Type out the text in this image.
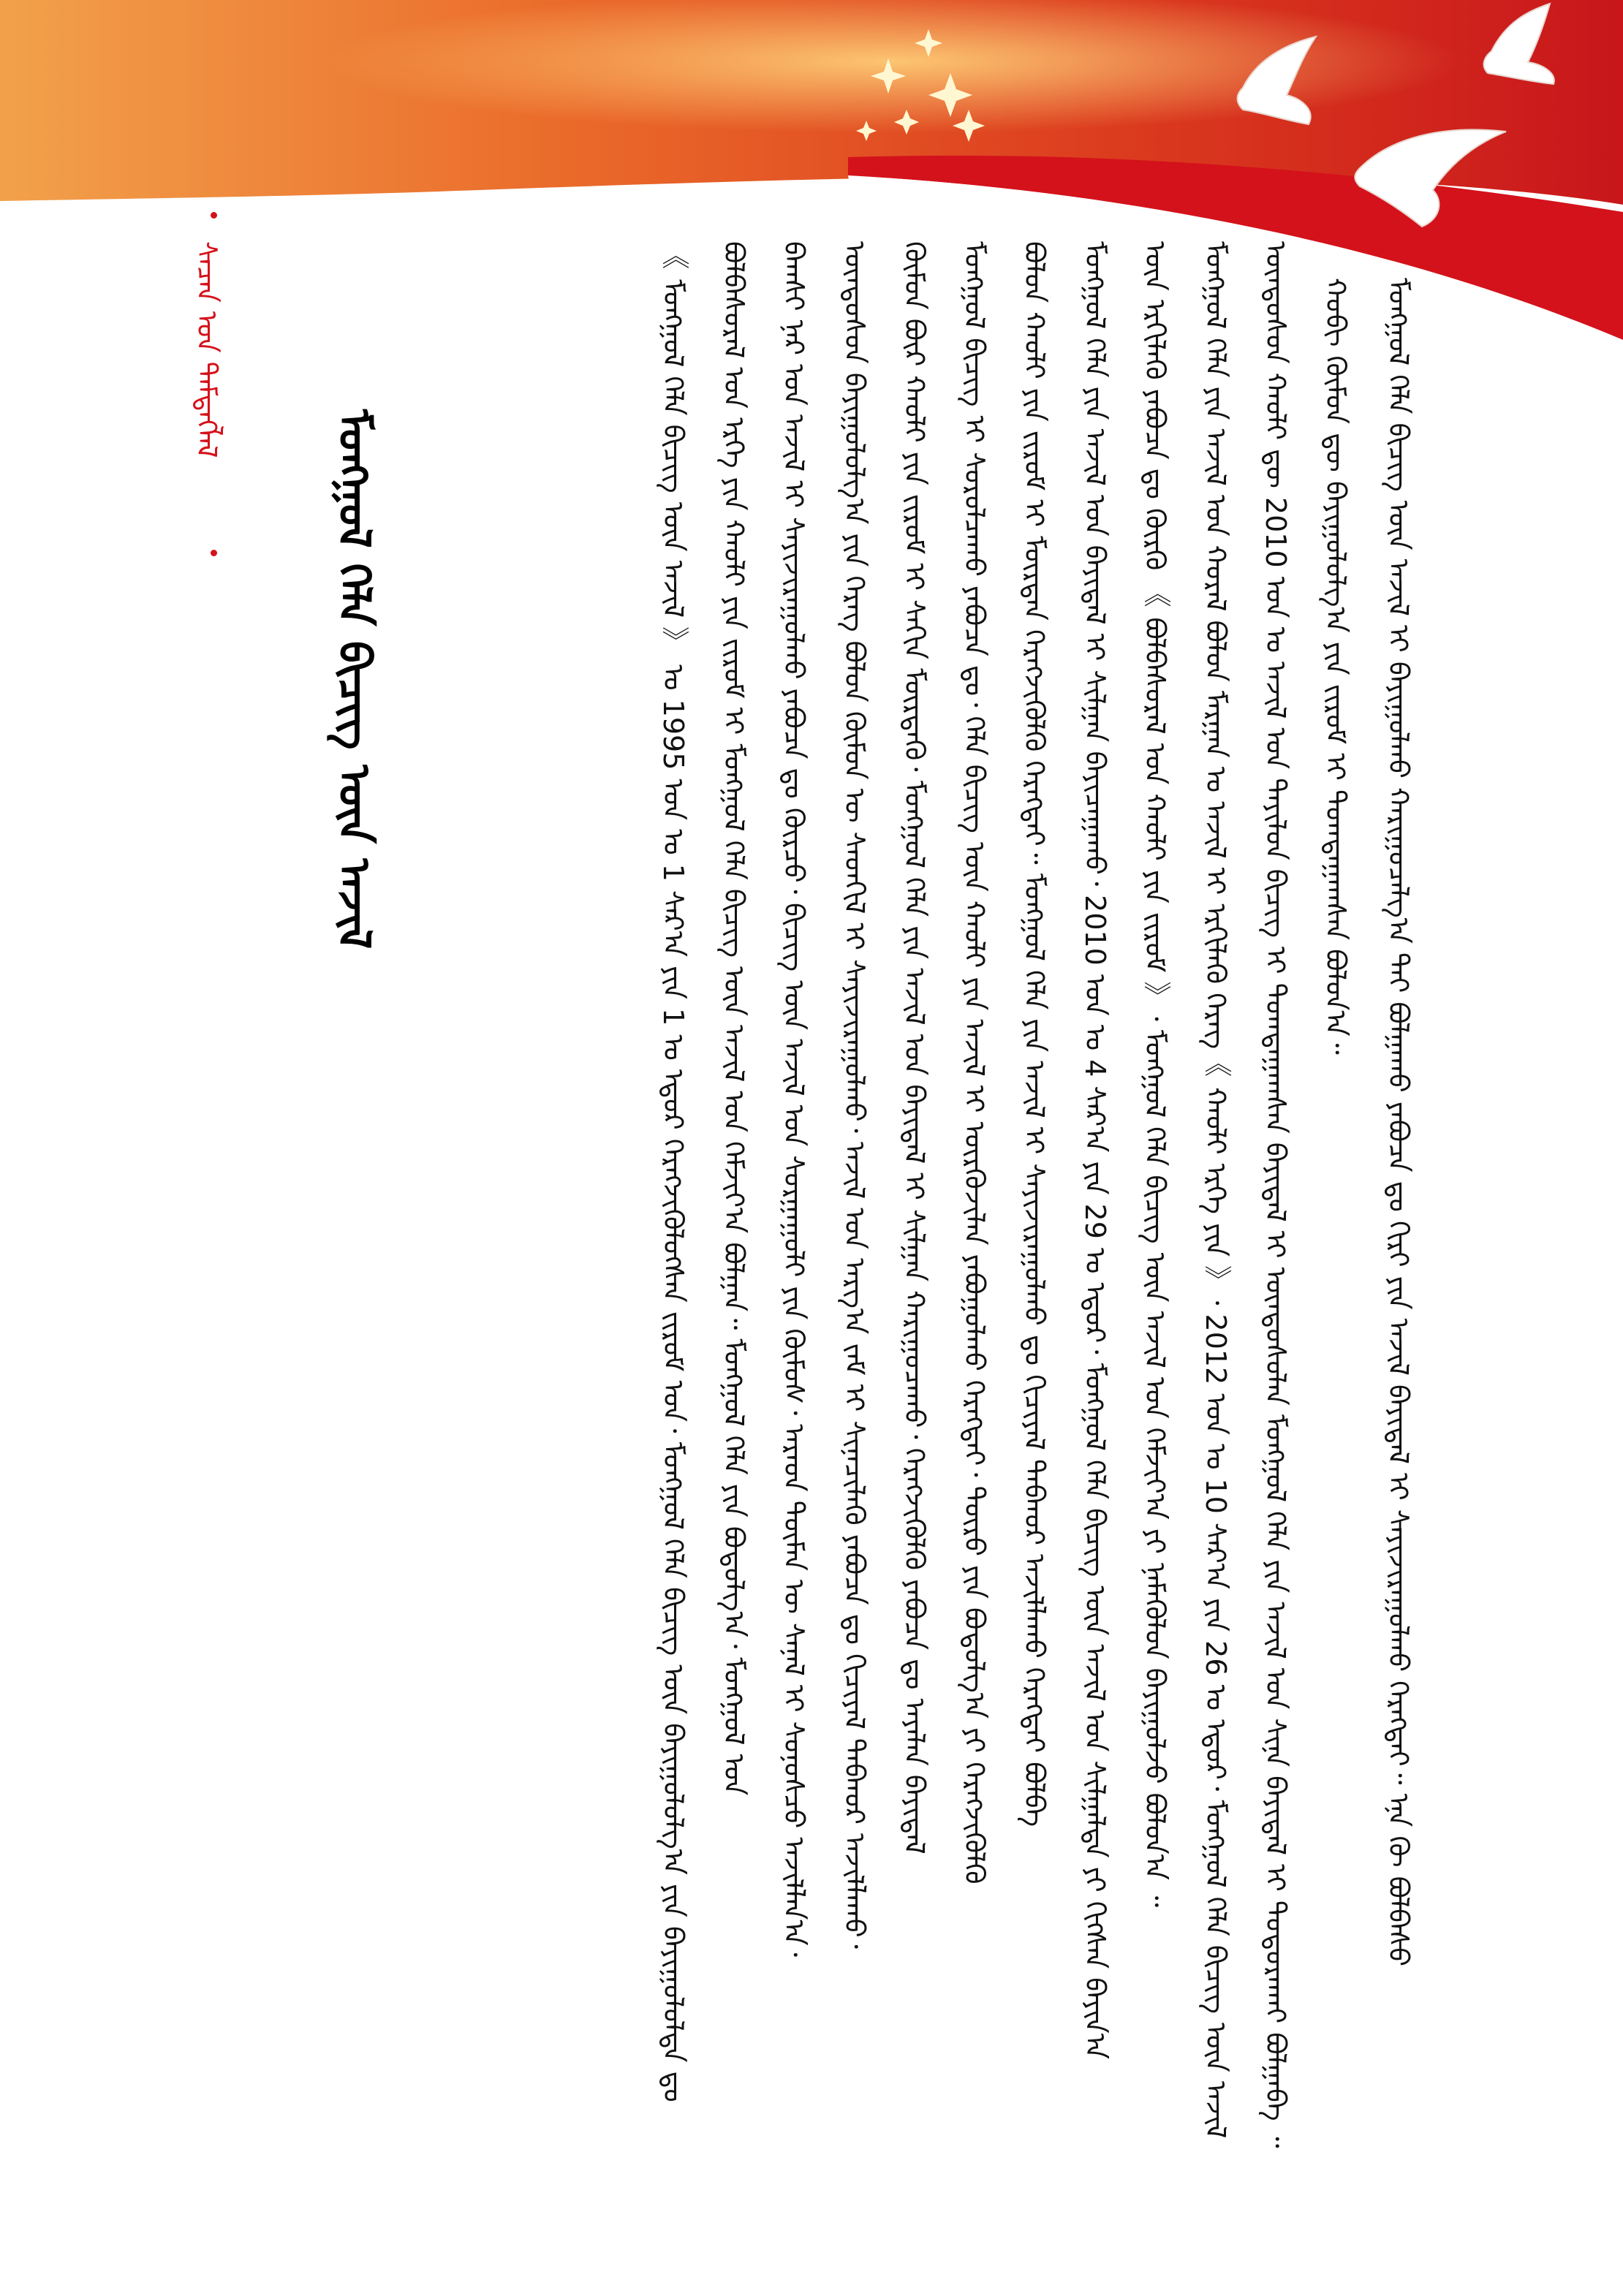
ᠮᠣᠩᠭᠣᠯ ᠬᠡᠯᠡ ᠪᠢᠴᠢᠭ ᠦᠨ ᠠᠵᠢᠯ ᠢ ᠪᠠᠶᠢᠭᠤᠯᠬᠤ ᠬᠠᠷᠢᠭᠤᠴᠠᠯᠭ᠎ᠠ ᠲᠠᠢ ᠪᠣᠯᠭᠠᠬᠤ ᠶᠠᠪᠤᠴᠠ ᠳᠤ ᠬᠢᠷᠢ ᠶᠢᠨ ᠠᠵᠢᠯ ᠪᠠᠶᠢᠳᠠᠯ ᠢ ᠰᠠᠶᠢᠵᠢᠷᠠᠭᠤᠯᠬᠤ ᠬᠡᠷᠡᠭᠲᠡᠢ᠃ ᠡᠨᠡ ᠬᠦ ᠪᠣᠯᠪᠠᠰᠤ
ᠬᠤᠪᠢ ᠬᠦᠮᠦᠨ ᠳᠦ ᠪᠠᠶᠢᠭᠤᠯᠤᠯᠭ᠎ᠠ ᠶᠢᠨ ᠵᠢᠷᠤᠮ ᠢ ᠲᠣᠭᠲᠠᠭᠠᠭᠰᠠᠨ ᠪᠣᠯᠤᠨ᠎ᠠ᠃
ᠦᠨᠳᠦᠰᠦᠨ ᠬᠠᠤᠯᠢ ᠳᠦ 2010 ᠣᠨ ᠤ ᠠᠵᠢᠯ ᠤᠨ ᠲᠠᠶᠢᠯᠤᠨ ᠪᠢᠴᠢᠭ ᠢ ᠲᠣᠭᠲᠠᠭᠠᠭᠰᠠᠨ ᠪᠠᠶᠢᠳᠠᠯ ᠢ ᠦᠨᠳᠦᠰᠦᠯᠡᠨ ᠮᠣᠩᠭᠣᠯ ᠬᠡᠯᠡ ᠶᠢᠨ ᠠᠵᠢᠯ ᠤᠨ ᠰᠢᠨᠡ ᠪᠠᠶᠢᠳᠠᠯ ᠢ ᠲᠣᠳᠤᠷᠠᠬᠠᠢ ᠪᠣᠯᠭᠠᠪᠠ ᠃
ᠮᠣᠩᠭᠣᠯ ᠬᠡᠯᠡ ᠶᠢᠨ ᠠᠵᠢᠯ ᠤᠨ ᠬᠤᠷᠠᠯ ᠪᠣᠯᠤᠨ ᠮᠠᠷᠭᠠᠨ ᠤ ᠠᠵᠢᠯ ᠢ ᠡᠷᠬᠢᠯᠡᠬᠦ ᠬᠡᠷᠡᠭ《 ᠬᠠᠤᠯᠢ ᠡᠷᠬᠡ ᠶᠢᠨ 》᠂ 2012 ᠣᠨ ᠤ 10 ᠰᠠᠷ᠎ᠠ ᠶᠢᠨ 26 ᠤ ᠡᠳᠦᠷ᠂ ᠮᠣᠩᠭᠣᠯ ᠬᠡᠯᠡ ᠪᠢᠴᠢᠭ ᠦᠨ ᠠᠵᠢᠯ
ᠦᠨ ᠡᠷᠬᠢᠯᠡᠬᠦ ᠶᠠᠪᠤᠴᠠ ᠳᠤ ᠬᠦᠷᠬᠦ 《 ᠪᠣᠯᠪᠠᠰᠤᠷᠠᠯ ᠤᠨ ᠬᠠᠤᠯᠢ ᠶᠢᠨ ᠵᠢᠷᠤᠮ 》᠂ ᠮᠣᠩᠭᠣᠯ ᠬᠡᠯᠡ ᠪᠢᠴᠢᠭ ᠦᠨ ᠠᠵᠢᠯ ᠤᠨ ᠬᠡᠮᠵᠢᠶ᠎ᠠ ᠶᠢ ᠨᠡᠮᠡᠭᠦᠯᠦᠨ ᠪᠠᠶᠢᠭᠤᠯᠵᠤ ᠪᠣᠯᠤᠨ᠎ᠠ ᠃
ᠮᠣᠩᠭᠣᠯ ᠬᠡᠯᠡ ᠶᠢᠨ ᠠᠵᠢᠯ ᠤᠨ ᠪᠠᠶᠢᠳᠠᠯ ᠢ ᠰᠢᠯᠭᠠᠨ ᠪᠠᠶᠢᠴᠠᠭᠠᠬᠤ᠂ 2010 ᠣᠨ ᠤ 4 ᠰᠠᠷ᠎ᠠ ᠶᠢᠨ 29 ᠤ ᠡᠳᠦᠷ᠂ ᠮᠣᠩᠭᠣᠯ ᠬᠡᠯᠡ ᠪᠢᠴᠢᠭ ᠦᠨ ᠠᠵᠢᠯ ᠤᠨ ᠰᠢᠯᠭᠠᠯᠲᠠ ᠶᠢ ᠬᠢᠭᠰᠡᠨ ᠪᠠᠶᠢᠨ᠎ᠠ
ᠪᠣᠯᠤᠨ ᠬᠠᠤᠯᠢ ᠶᠢᠨ ᠵᠢᠷᠤᠮ ᠢ ᠮᠦᠷᠳᠡᠨ ᠬᠡᠷᠡᠭᠵᠢᠭᠦᠯᠬᠦ ᠬᠡᠷᠡᠭᠲᠡᠢ᠃ ᠮᠣᠩᠭᠣᠯ ᠬᠡᠯᠡ ᠶᠢᠨ ᠠᠵᠢᠯ ᠢ ᠰᠠᠶᠢᠵᠢᠷᠠᠭᠤᠯᠬᠤ ᠳᠤ ᠬᠢᠴᠢᠶᠡᠯ ᠳᠠᠪᠬᠤᠷ ᠠᠵᠢᠯᠯᠠᠬᠤ ᠬᠡᠷᠡᠭᠲᠡᠢ ᠪᠣᠯᠪᠠ
ᠮᠣᠩᠭᠣᠯ ᠪᠢᠴᠢᠭ ᠢ ᠰᠤᠷᠤᠯᠴᠠᠬᠤ ᠶᠠᠪᠤᠴᠠ ᠳᠤ᠂ ᠬᠡᠯᠡ ᠪᠢᠴᠢᠭ ᠦᠨ ᠬᠠᠤᠯᠢ ᠶᠢᠨ ᠠᠵᠢᠯ ᠢ ᠦᠷᠭᠦᠵᠢᠯᠡᠨ ᠶᠠᠪᠤᠭᠤᠯᠬᠤ ᠬᠡᠷᠡᠭᠲᠡᠢ᠂ ᠲᠥᠷᠥ ᠶᠢᠨ ᠪᠣᠳᠤᠯᠭ᠎ᠠ ᠶᠢ ᠬᠡᠷᠡᠭᠵᠢᠭᠦᠯᠬᠦ
ᠬᠦᠮᠦᠨ ᠪᠦᠷ ᠬᠠᠤᠯᠢ ᠶᠢᠨ ᠵᠢᠷᠤᠮ ᠢ ᠰᠠᠬᠢᠨ ᠮᠦᠷᠳᠡᠬᠦ᠂ ᠮᠣᠩᠭᠣᠯ ᠬᠡᠯᠡ ᠶᠢᠨ ᠠᠵᠢᠯ ᠤᠨ ᠪᠠᠶᠢᠳᠠᠯ ᠢ ᠰᠢᠯᠭᠠᠨ ᠬᠠᠷᠢᠭᠤᠴᠠᠬᠤ᠂ ᠬᠡᠷᠡᠭᠵᠢᠭᠦᠯᠬᠦ ᠶᠠᠪᠤᠴᠠ ᠳᠤ ᠠᠶᠠᠯᠠᠨ ᠪᠠᠶᠢᠳᠠᠯ
ᠦᠨᠳᠦᠰᠦᠨ ᠪᠠᠶᠢᠭᠤᠯᠤᠯᠭ᠎ᠠ ᠶᠢᠨ ᠬᠡᠷᠡᠭ ᠪᠣᠯᠤᠨ ᠬᠦᠮᠦᠨ ᠦ ᠰᠡᠳᠬᠢᠯ ᠢ ᠰᠠᠶᠢᠵᠢᠷᠠᠭᠤᠯᠬᠤ᠂ ᠠᠵᠢᠯ ᠤᠨ ᠠᠷᠭ᠎ᠠ ᠵᠠᠮ ᠢ ᠰᠢᠨᠡᠴᠢᠯᠡᠬᠦ ᠶᠠᠪᠤᠴᠠ ᠳᠤ ᠬᠢᠴᠢᠶᠡᠯ ᠳᠠᠪᠬᠤᠷ ᠠᠵᠢᠯᠯᠠᠬᠤ᠂
ᠪᠠᠭᠰᠢ ᠨᠠᠷ ᠤᠨ ᠠᠵᠢᠯ ᠢ ᠰᠠᠶᠢᠵᠢᠷᠠᠭᠤᠯᠬᠤ ᠶᠠᠪᠤᠴᠠ ᠳᠤ ᠬᠦᠷᠴᠦ᠂ ᠪᠢᠴᠢᠭ ᠦᠨ ᠠᠵᠢᠯ ᠤᠨ ᠰᠤᠷᠭᠠᠭᠤᠯᠢ ᠶᠢᠨ ᠬᠦᠮᠦᠰ᠂ ᠠᠷᠠᠳ ᠲᠦᠮᠡᠨ ᠦ ᠰᠠᠨᠠᠯ ᠢ ᠰᠣᠨᠣᠰᠴᠤ ᠠᠵᠢᠯᠯᠠᠨ᠎ᠠ᠂
ᠪᠣᠯᠪᠠᠰᠤᠷᠠᠯ ᠤᠨ ᠡᠷᠬᠡ ᠶᠢᠨ ᠬᠠᠤᠯᠢ ᠶᠢᠨ ᠵᠢᠷᠤᠮ ᠢ ᠮᠣᠩᠭᠣᠯ ᠬᠡᠯᠡ ᠪᠢᠴᠢᠭ ᠦᠨ ᠠᠵᠢᠯ ᠤᠨ ᠬᠡᠮᠵᠢᠶ᠎ᠠ ᠪᠣᠯᠭᠠᠨ᠃ ᠮᠣᠩᠭᠣᠯ ᠬᠡᠯᠡ ᠶᠢᠨ ᠪᠣᠳᠤᠯᠭ᠎ᠠ᠂ ᠮᠣᠩᠭᠣᠯ ᠤᠨ
《 ᠮᠣᠩᠭᠣᠯ ᠬᠡᠯᠡ ᠪᠢᠴᠢᠭ ᠦᠨ ᠠᠵᠢᠯ 》 ᠤ 1995 ᠣᠨ ᠤ 1 ᠰᠠᠷ᠎ᠠ ᠶᠢᠨ 1 ᠤ ᠡᠳᠦᠷ ᠬᠡᠷᠡᠭᠵᠢᠭᠦᠯᠦᠭᠰᠡᠨ ᠵᠢᠷᠤᠮ ᠤᠨ᠂ ᠮᠣᠩᠭᠣᠯ ᠬᠡᠯᠡ ᠪᠢᠴᠢᠭ ᠦᠨ ᠪᠠᠶᠢᠭᠤᠯᠤᠯᠭ᠎ᠠ ᠶᠢᠨ ᠪᠠᠶᠢᠭᠤᠯᠤᠯᠲᠠ ᠳᠤ
ᠮᠣᠩᠭᠣᠯ ᠬᠡᠯᠡ ᠪᠢᠴᠢᠭ ᠦᠨ ᠠᠵᠢᠯ
ᠰᠡᠴᠡᠨ ᠤᠨ ᠲᠡᠮᠳᠡᠭᠯᠡᠯ
